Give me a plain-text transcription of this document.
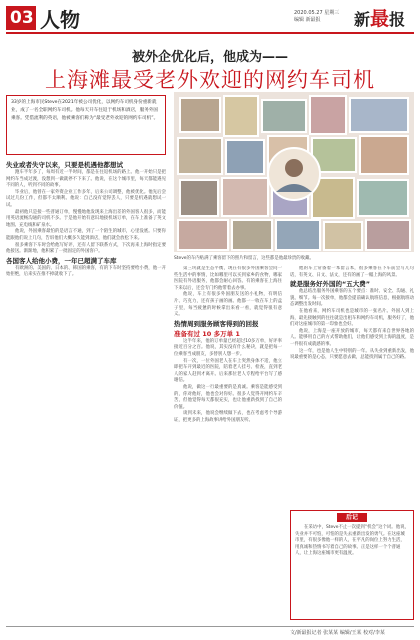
03 人物	2020.05.27 星期三
编辑 新最报	新最报
被外企优化后，他成为——
上海滩最受老外欢迎的网约车司机
33岁的上海市民Steve在2021年被公司优化，以网约车司机身份重新就业，成了一名全职网约车司机。他每天开车往返于机场和酒店，服务外国乘客。凭借流利的英语，他被乘客们称为“最受老外欢迎的网约车司机”。

失业或者失守以来，只要是机遇他都想试

跑车半年多了，每周有近一半时间，都是在往返机场的路上。他一开始只是把网约车当成过渡，没想到一做就停不下来了。他说，在这个城市里，每天都能遇见不同的人，听到不同的故事。

毕业后，他曾在一家外资企业工作多年，后来公司调整，他被优化。他先后尝试过几份工作，但都不太顺利。他说：自己没有觉得丢人，只要是机遇就想试一试。

最初他只是接一些普通订单，慢慢地他发现来上海出差的外国客人很多，而能用英语流畅沟通的司机不多。于是他开始有意识地接机场订单，在车上准备了英文地图、充电线和矿泉水。

他说，外国乘客最怕的是语言不通，到了一个陌生的城市，心里没底。只要你能跟他们说上几句，告诉他们大概多久能到酒店，他们就会放松下来。

很多乘客下车时会给他写好评，还有人留下联系方式，下次再来上海时指定要他接送。渐渐地，他积累了一批固定的外国客户。

各国客人给他小费，一年已超满了车库

有欧洲的、美国的、日本的、韩国的乘客，有的下车时坚持要给小费，他一开始拒绝，后来实在推不掉就收下了。

第三块就是生态平衡，现在有很多外国乘客会问一些生活中的事情，比如哪里可以买到家乡的食物，哪家医院有外语服务，他都会耐心回答。有的乘客在上海住下来以后，还会专门约他带着去办事。

他说，车上有很多外国朋友送的小礼物，有明信片、巧克力，还有孩子画的画。他都一一收在车上的盒子里，每当疲惫的时候拿出来看一看，就觉得很有意义。

热情周到服务顾客得到的回报

准备有过 10 多万单 1

这半年来，他的订单量已经超过10多万单，好评率接近百分之百。他说，其实没有什么秘诀，就是把每一位乘客当成朋友，多替别人想一步。

有一次，一位外国老人在车上突然身体不适，他立即把车开到最近的医院，陪着老人挂号、检查，直到老人的家人赶到才离开。后来那位老人专程给平台写了感谢信。

他说，做这一行最重要的是真诚。乘客是能感受到的，你对他好，他也会对你好。很多人觉得开网约车辛苦，但他觉得每天都很充实，也让他重新找到了自己的价值。

谈到未来，他说会继续做下去，也在考虑考个导游证，把更多的上海故事讲给外国朋友听。

他的车上常备着一本留言本，很多乘客在下车前会写几句话，有英文、日文、法文，还有的画了一幅上海的风景。

就是服务好外国的“五大费”

他总结出服务外国乘客的五个要点：准时、安全、沟通、礼貌、细节。每一次接单，他都会提前确认航班信息，根据航班动态调整出发时间。

在他看来，网约车司机也是城市的一张名片。外国人到上海，最先接触到的往往就是出租车和网约车司机，服务好了，他们对这座城市的第一印象也会好。

他说，上海是一座开放的城市，每天都有来自世界各地的人。能够用自己的方式帮助他们，让他们感受到上海的温度，是一件很有成就感的事。

这一年，也是他人生中特别的一年。从失业到重新出发，他说最重要的是心态，只要愿意去做，总能找到属于自己的路。

Steve的车内贴满了乘客留下的照片和留言，这些都是他最珍贵的收藏。
后记
在采访中，Steve不止一次提到“机会”这个词。他说，失业并不可怕，可怕的是失去重新出发的勇气。在这座城市里，有很多像他一样的人，在平凡的岗位上努力生活，用真诚和热情书写着自己的故事。正是这样一个个普通人，让上海这座城市更有温度。
文/新最报记者 张某某 编辑/王某 校对/李某
